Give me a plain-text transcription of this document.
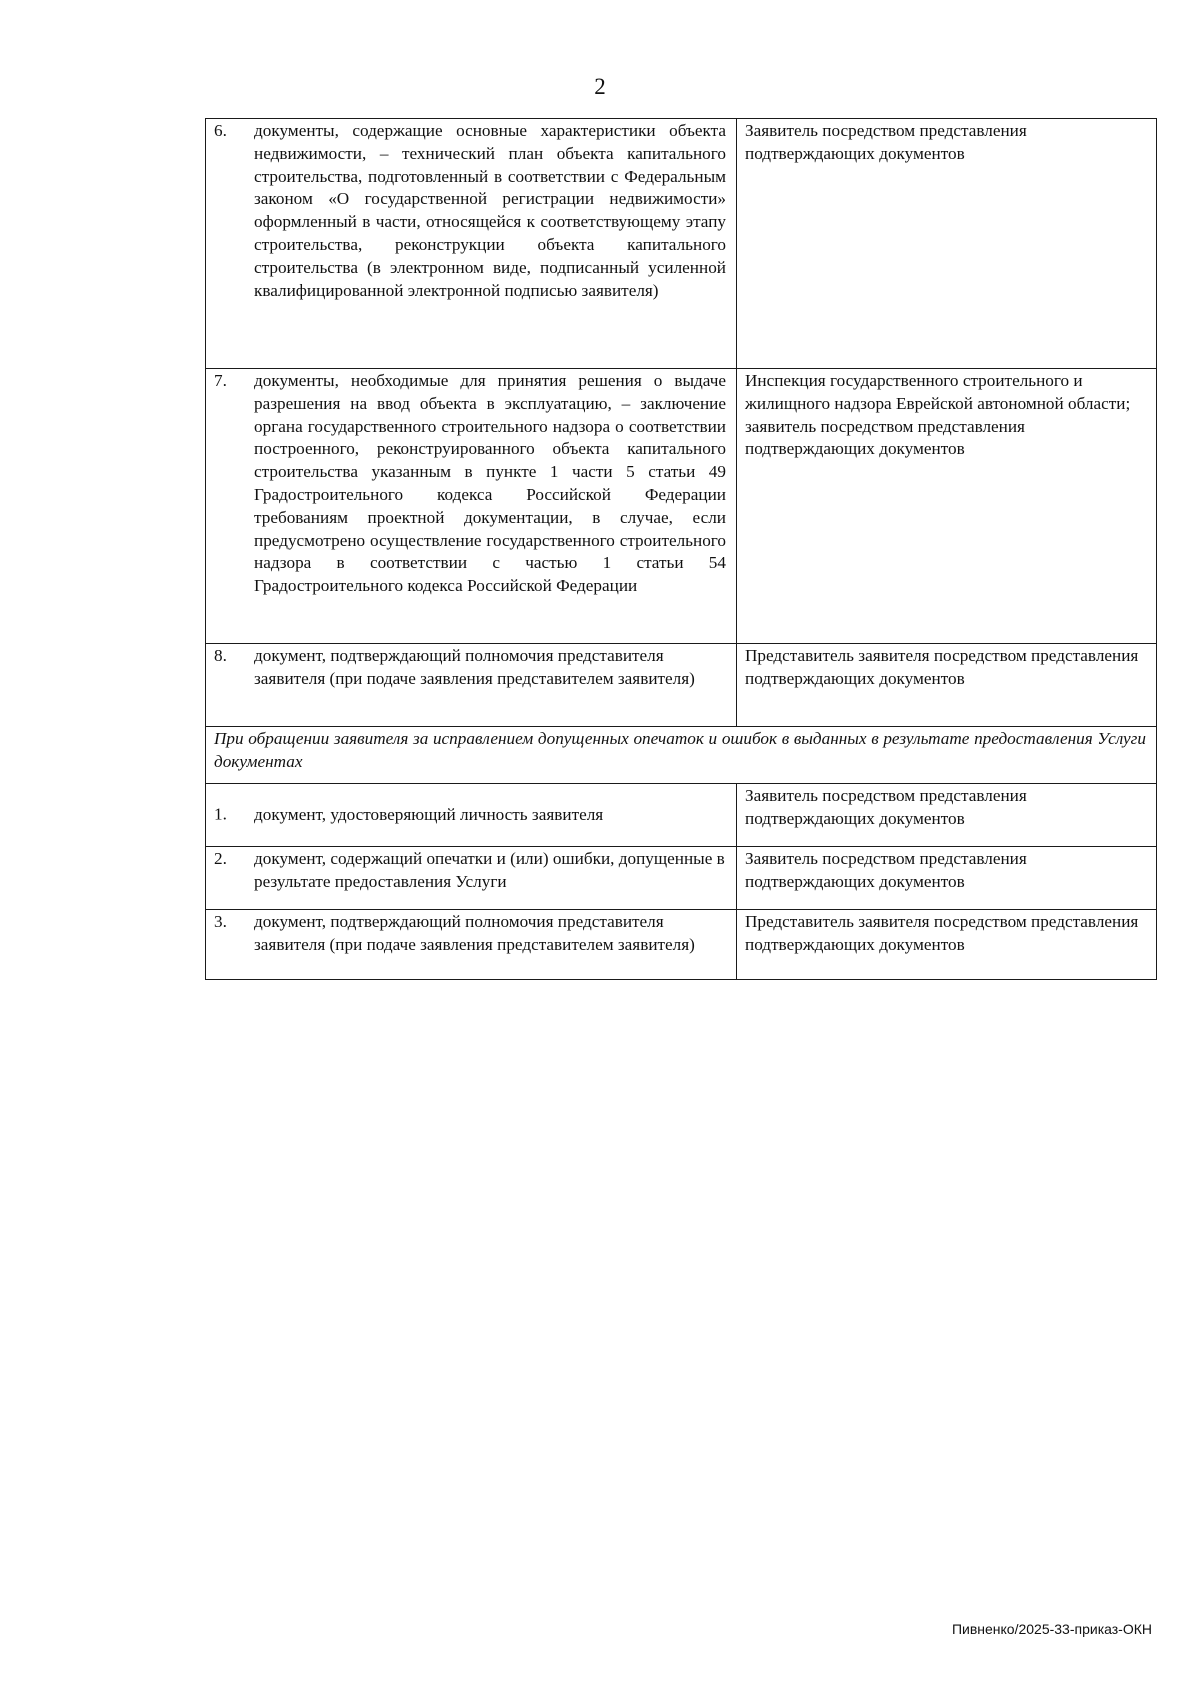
2
6. документы, содержащие основные характеристики объекта недвижимости, – технический план объекта капитального строительства, подготовленный в соответствии с Федеральным законом «О государственной регистрации недвижимости» оформленный в части, относящейся к соответствующему этапу строительства, реконструкции объекта капитального строительства (в электронном виде, подписанный усиленной квалифицированной электронной подписью заявителя)	Заявитель посредством представления подтверждающих документов

7. документы, необходимые для принятия решения о выдаче разрешения на ввод объекта в эксплуатацию, – заключение органа государственного строительного надзора о соответствии построенного, реконструированного объекта капитального строительства указанным в пункте 1 части 5 статьи 49 Градостроительного кодекса Российской Федерации требованиям проектной документации, в случае, если предусмотрено осуществление государственного строительного надзора в соответствии с частью 1 статьи 54 Градостроительного кодекса Российской Федерации	Инспекция государственного строительного и жилищного надзора Еврейской автономной области; заявитель посредством представления подтверждающих документов

8. документ, подтверждающий полномочия представителя заявителя (при подаче заявления представителем заявителя)	Представитель заявителя посредством представления подтверждающих документов
При обращении заявителя за исправлением допущенных опечаток и ошибок в выданных в результате предоставления Услуги документах	

1. документ, удостоверяющий личность заявителя	Заявитель посредством представления подтверждающих документов

2. документ, содержащий опечатки и (или) ошибки, допущенные в результате предоставления Услуги	Заявитель посредством представления подтверждающих документов

3. документ, подтверждающий полномочия представителя заявителя (при подаче заявления представителем заявителя)	Представитель заявителя посредством представления подтверждающих документов
Пивненко/2025-33-приказ-ОКН
